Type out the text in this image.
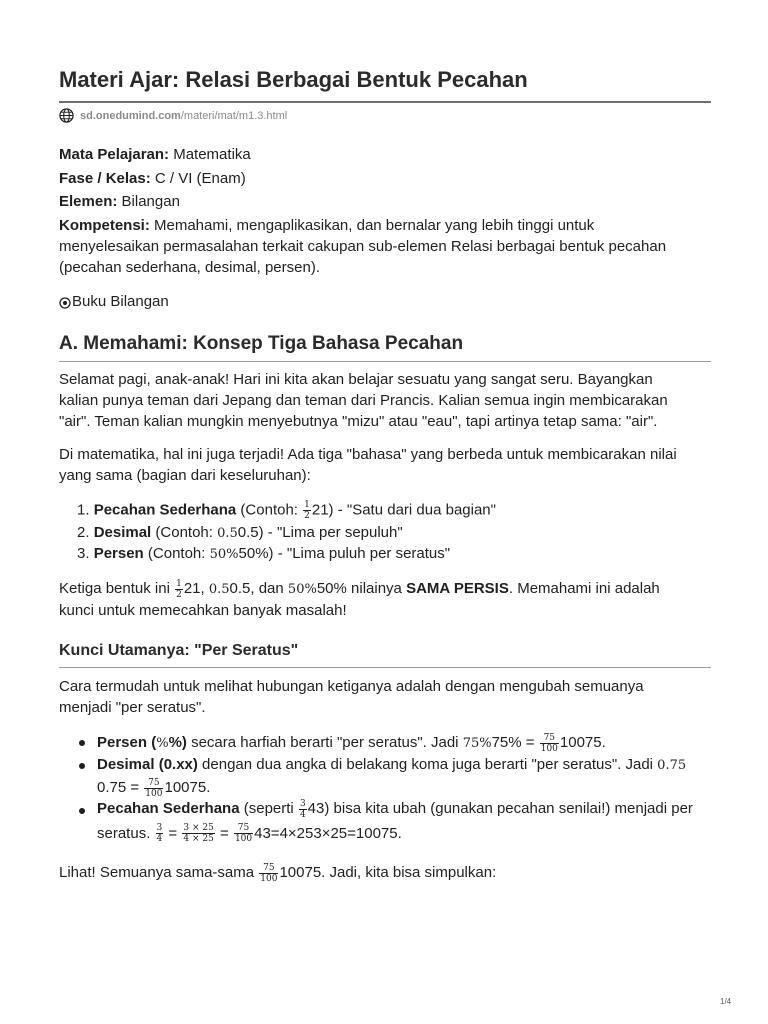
Materi Ajar: Relasi Berbagai Bentuk Pecahan
sd.onedumind.com /materi/mat/m1.3.html
Mata Pelajaran: Matematika
Fase / Kelas: C / VI (Enam)
Elemen: Bilangan
Kompetensi: Memahami, mengaplikasikan, dan bernalar yang lebih tinggi untuk
menyelesaikan permasalahan terkait cakupan sub-elemen Relasi berbagai bentuk pecahan
(pecahan sederhana, desimal, persen).
Buku Bilangan
A. Memahami: Konsep Tiga Bahasa Pecahan
Selamat pagi, anak-anak! Hari ini kita akan belajar sesuatu yang sangat seru. Bayangkan
kalian punya teman dari Jepang dan teman dari Prancis. Kalian semua ingin membicarakan
"air". Teman kalian mungkin menyebutnya "mizu" atau "eau", tapi artinya tetap sama: "air".
Di matematika, hal ini juga terjadi! Ada tiga "bahasa" yang berbeda untuk membicarakan nilai
yang sama (bagian dari keseluruhan):
1. Pecahan Sederhana (Contoh: $\frac{1}{2} 21$) - "Satu dari dua bagian"
2. Desimal (Contoh: 0.50.5) - "Lima per sepuluh"
3. Persen (Contoh: 50%50%) - "Lima puluh per seratus"
Ketiga bentuk ini $\frac{1}{2} 21$, 0.50.5, dan 50%50% nilainya SAMA PERSIS. Memahami ini adalah
kunci untuk memecahkan banyak masalah!
Kunci Utamanya: "Per Seratus"
Cara termudah untuk melihat hubungan ketiganya adalah dengan mengubah semuanya
menjadi "per seratus".
Persen (%%) secara harfiah berarti "per seratus". Jadi $75\%75\% = \frac{75}{100} 10075$.
Desimal (0.xx) dengan dua angka di belakang koma juga berarti "per seratus". Jadi 0.75
$0.75 = \frac{75}{100} 10075$.
Pecahan Sederhana (seperti $\frac{3}{4} 43$) bisa kita ubah (gunakan pecahan senilai!) menjadi per
seratus. $\frac{3}{4} = \frac{3 \times 25}{4 \times 25} = \frac{75}{100} 43=4\times 253\times 25=10075$.
Lihat! Semuanya sama-sama $\frac{75}{100} 10075$. Jadi, kita bisa simpulkan:
1/4
